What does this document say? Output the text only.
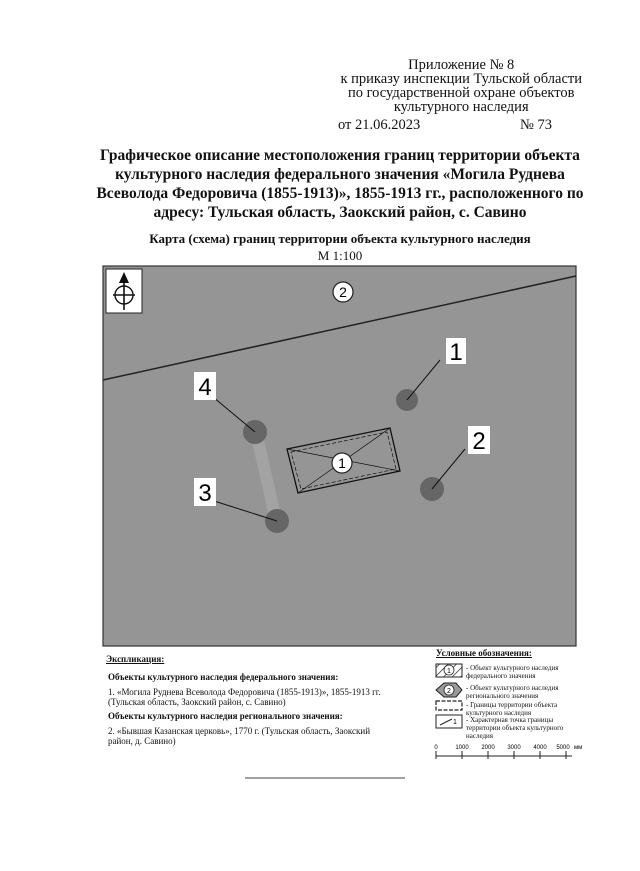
Приложение № 8
к приказу инспекции Тульской области
по государственной охране объектов
культурного наследия
от 21.06.2023	№ 73
Графическое описание местоположения границ территории объекта
культурного наследия федерального значения «Могила Руднева
Всеволода Федоровича (1855-1913)», 1855-1913 гг., расположенного по
адресу: Тульская область, Заокский район, с. Савино
Карта (схема) границ территории объекта культурного наследия
М 1:100
2
1
1
2
3
4
1
2
1
0	1000 2000 3000 4000 5000 мм
Экспликация:
Объекты культурного наследия федерального значения:
1. «Могила Руднева Всеволода Федоровича (1855-1913)», 1855-1913 гг.
(Тульская область, Заокский район, с. Савино)
Объекты культурного наследия регионального значения:
2. «Бывшая Казанская церковь», 1770 г. (Тульская область, Заокский
район, д. Савино)
Условные обозначения:
- Объект культурного наследия
федерального значения
- Объект культурного наследия
регионального значения
- Границы территории объекта
культурного наследия
- Характерная точка границы
территории объекта культурного
наследия
